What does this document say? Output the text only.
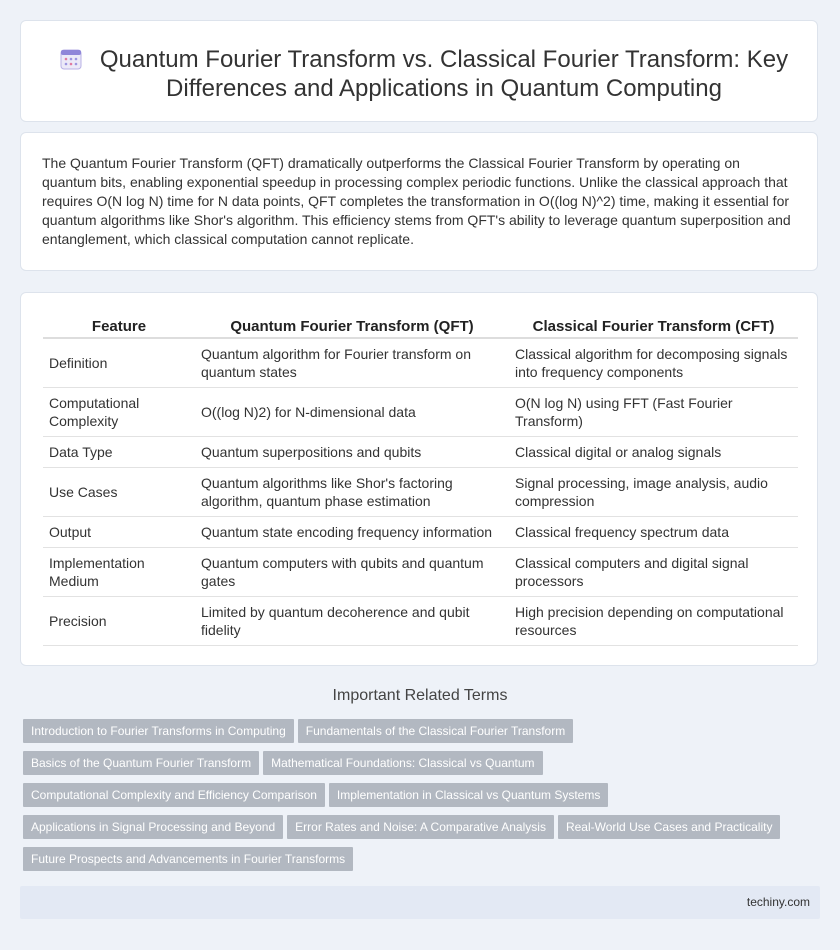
Quantum Fourier Transform vs. Classical Fourier Transform: Key Differences and Applications in Quantum Computing

The Quantum Fourier Transform (QFT) dramatically outperforms the Classical Fourier Transform by operating on quantum bits, enabling exponential speedup in processing complex periodic functions. Unlike the classical approach that requires O(N log N) time for N data points, QFT completes the transformation in O((log N)^2) time, making it essential for quantum algorithms like Shor's algorithm. This efficiency stems from QFT's ability to leverage quantum superposition and entanglement, which classical computation cannot replicate.

Feature	Quantum Fourier Transform (QFT)	Classical Fourier Transform (CFT)
Definition	Quantum algorithm for Fourier transform on quantum states	Classical algorithm for decomposing signals into frequency components
Computational Complexity	O((log N)2) for N-dimensional data	O(N log N) using FFT (Fast Fourier Transform)
Data Type	Quantum superpositions and qubits	Classical digital or analog signals
Use Cases	Quantum algorithms like Shor's factoring algorithm, quantum phase estimation	Signal processing, image analysis, audio compression
Output	Quantum state encoding frequency information	Classical frequency spectrum data
Implementation Medium	Quantum computers with qubits and quantum gates	Classical computers and digital signal processors
Precision	Limited by quantum decoherence and qubit fidelity	High precision depending on computational resources
Important Related Terms
Introduction to Fourier Transforms in Computing Fundamentals of the Classical Fourier Transform
Basics of the Quantum Fourier Transform Mathematical Foundations: Classical vs Quantum
Computational Complexity and Efficiency Comparison Implementation in Classical vs Quantum Systems
Applications in Signal Processing and Beyond Error Rates and Noise: A Comparative Analysis Real-World Use Cases and Practicality
Future Prospects and Advancements in Fourier Transforms
techiny.com
